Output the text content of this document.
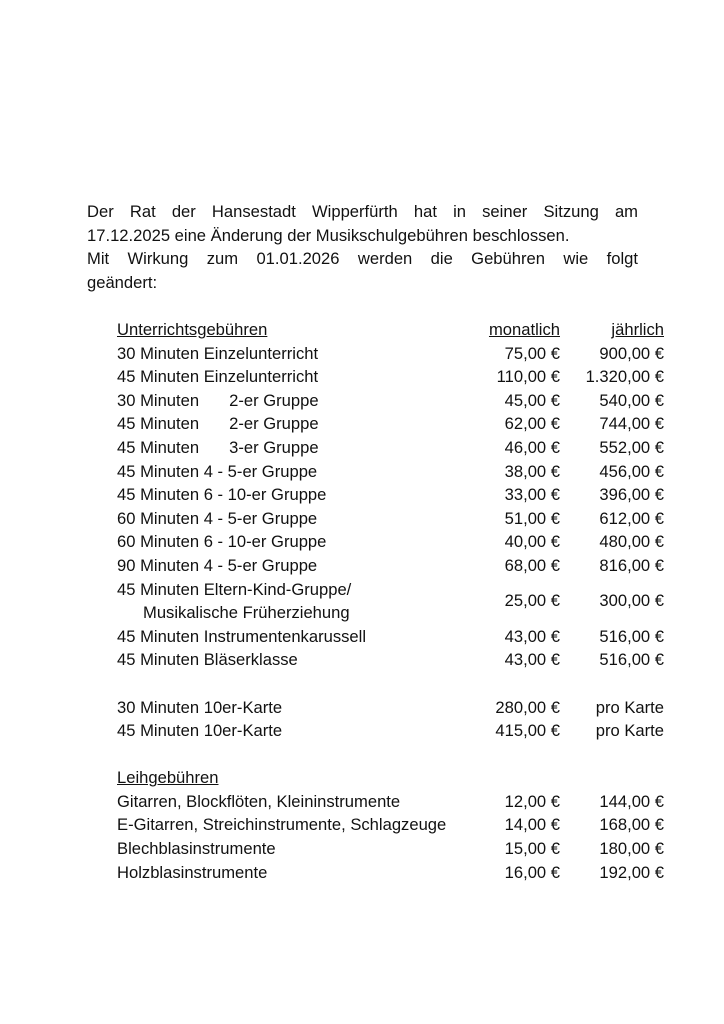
Der Rat der Hansestadt Wipperfürth hat in seiner Sitzung am

17.12.2025 eine Änderung der Musikschulgebühren beschlossen.

Mit Wirkung zum 01.01.2026 werden die Gebühren wie folgt

geändert:

Unterrichtsgebühren	monatlich	jährlich
30 Minuten Einzelunterricht	75,00 € 900,00 €
45 Minuten Einzelunterricht	110,00 € 1.320,00 €
30 Minuten 2-er Gruppe	45,00 € 540,00 €
45 Minuten 2-er Gruppe	62,00 € 744,00 €
45 Minuten 3-er Gruppe	46,00 € 552,00 €
45 Minuten 4 - 5-er Gruppe	38,00 € 456,00 €
45 Minuten 6 - 10-er Gruppe	33,00 € 396,00 €
60 Minuten 4 - 5-er Gruppe	51,00 € 612,00 €
60 Minuten 6 - 10-er Gruppe	40,00 € 480,00 €
90 Minuten 4 - 5-er Gruppe	68,00 € 816,00 €
45 Minuten Eltern-Kind-Gruppe/
Musikalische Früherziehung
25,00 € 300,00 €
45 Minuten Instrumentenkarussell	43,00 € 516,00 €
45 Minuten Bläserklasse	43,00 € 516,00 €
30 Minuten 10er-Karte	280,00 € pro Karte
45 Minuten 10er-Karte	415,00 € pro Karte
Leihgebühren
Gitarren, Blockflöten, Kleininstrumente	12,00 € 144,00 €
E-Gitarren, Streichinstrumente, Schlagzeuge	14,00 € 168,00 €
Blechblasinstrumente	15,00 € 180,00 €
Holzblasinstrumente	16,00 € 192,00 €
